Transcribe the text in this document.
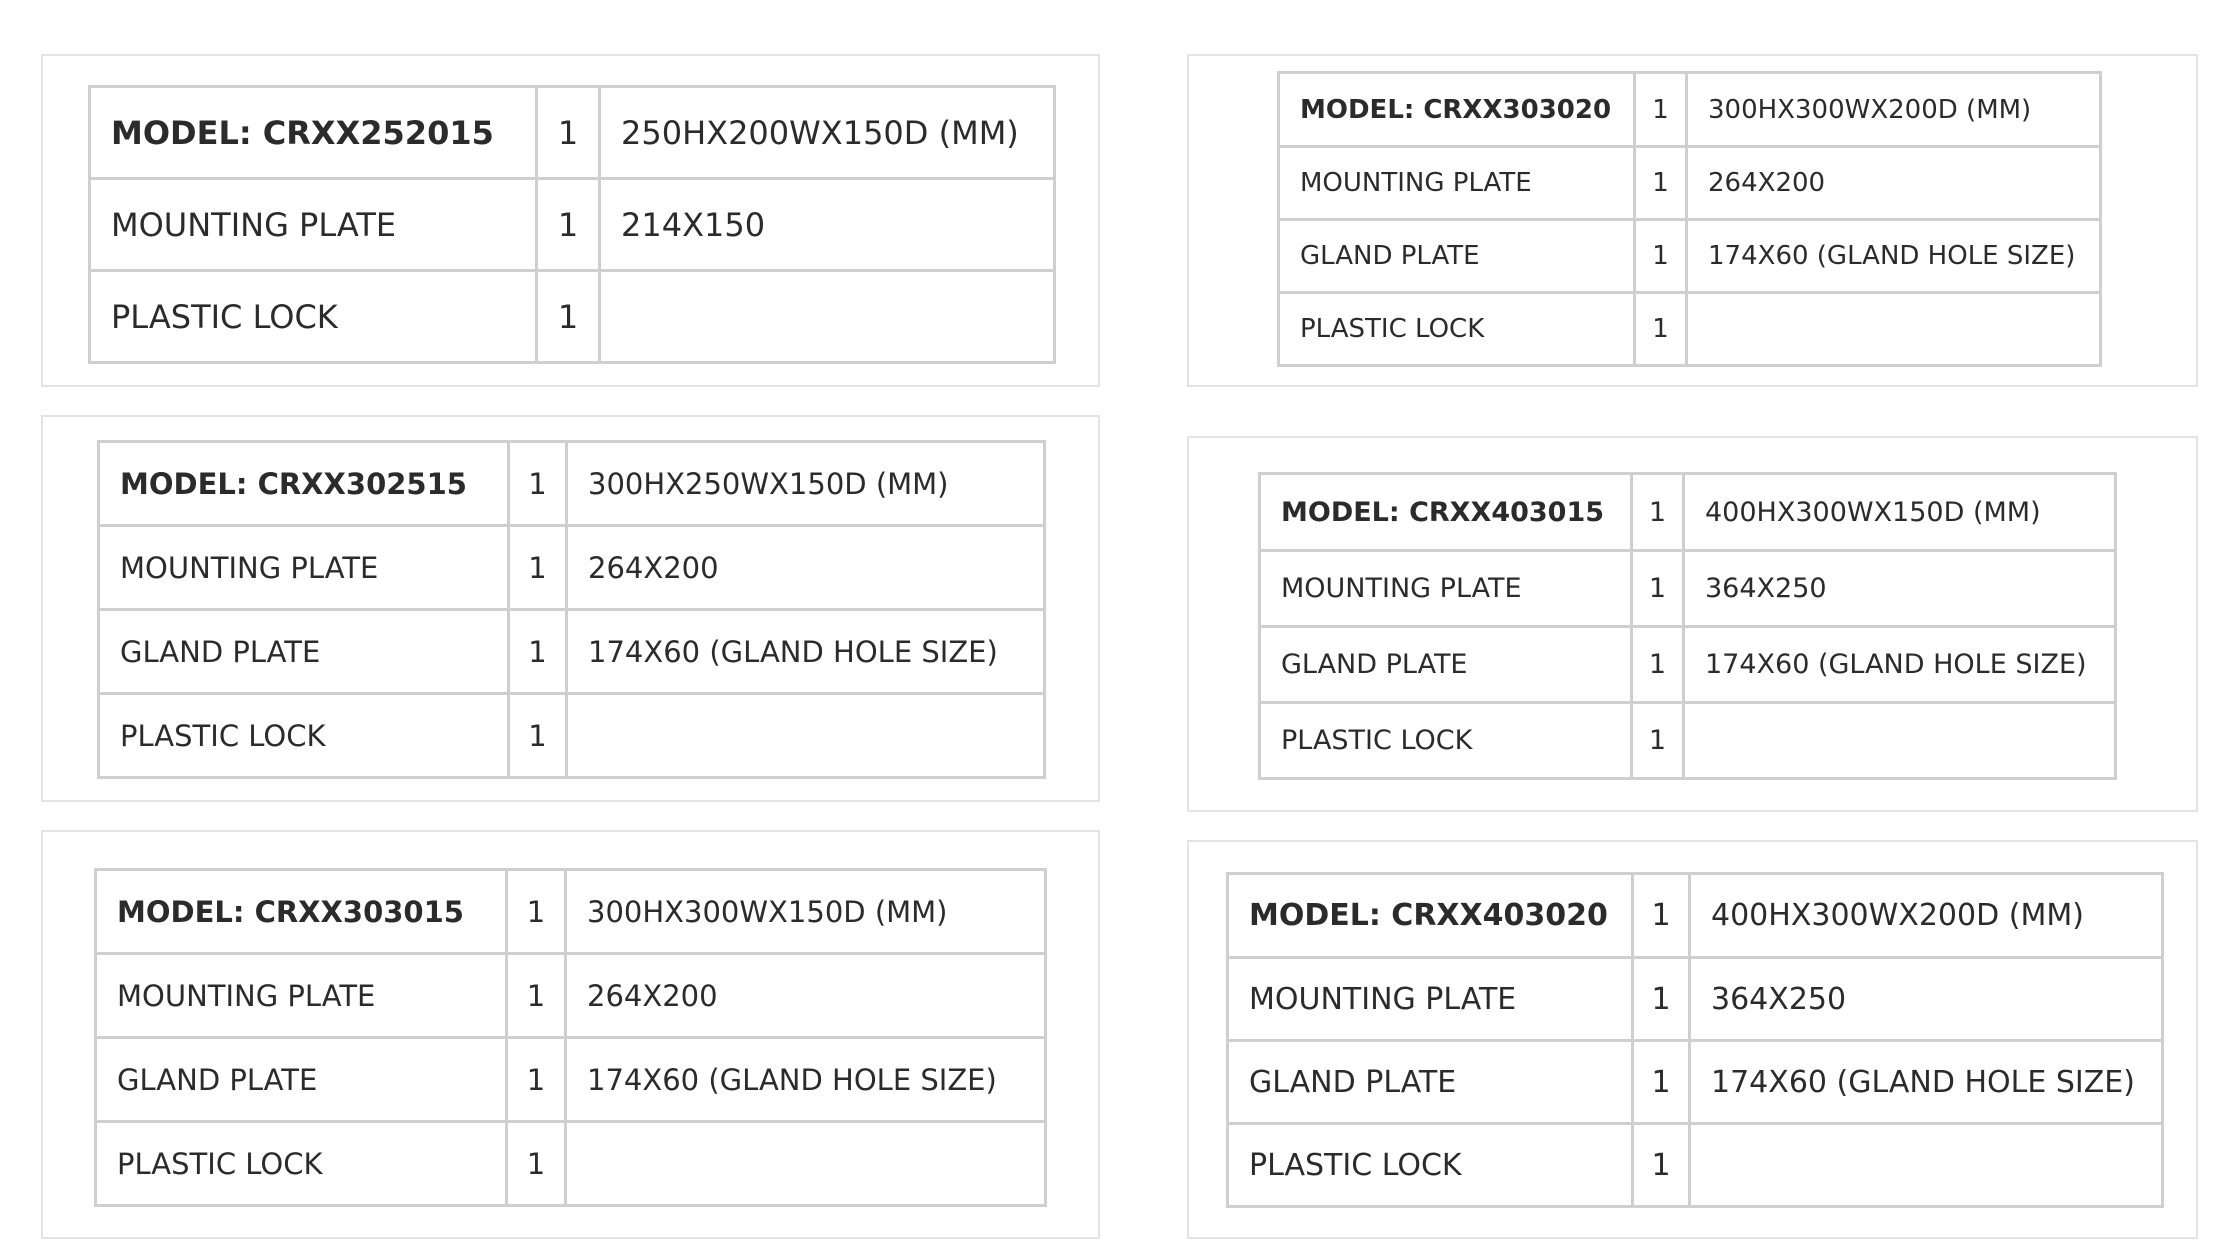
MODEL: CRXX252015	1	250HX200WX150D (MM)
MOUNTING PLATE	1	214X150
PLASTIC LOCK	1	
MODEL: CRXX303020	1	300HX300WX200D (MM)
MOUNTING PLATE	1	264X200
GLAND PLATE	1	174X60 (GLAND HOLE SIZE)
PLASTIC LOCK	1	
MODEL: CRXX302515	1	300HX250WX150D (MM)
MOUNTING PLATE	1	264X200
GLAND PLATE	1	174X60 (GLAND HOLE SIZE)
PLASTIC LOCK	1	
MODEL: CRXX403015	1	400HX300WX150D (MM)
MOUNTING PLATE	1	364X250
GLAND PLATE	1	174X60 (GLAND HOLE SIZE)
PLASTIC LOCK	1	
MODEL: CRXX303015	1	300HX300WX150D (MM)
MOUNTING PLATE	1	264X200
GLAND PLATE	1	174X60 (GLAND HOLE SIZE)
PLASTIC LOCK	1	
MODEL: CRXX403020	1	400HX300WX200D (MM)
MOUNTING PLATE	1	364X250
GLAND PLATE	1	174X60 (GLAND HOLE SIZE)
PLASTIC LOCK	1	
